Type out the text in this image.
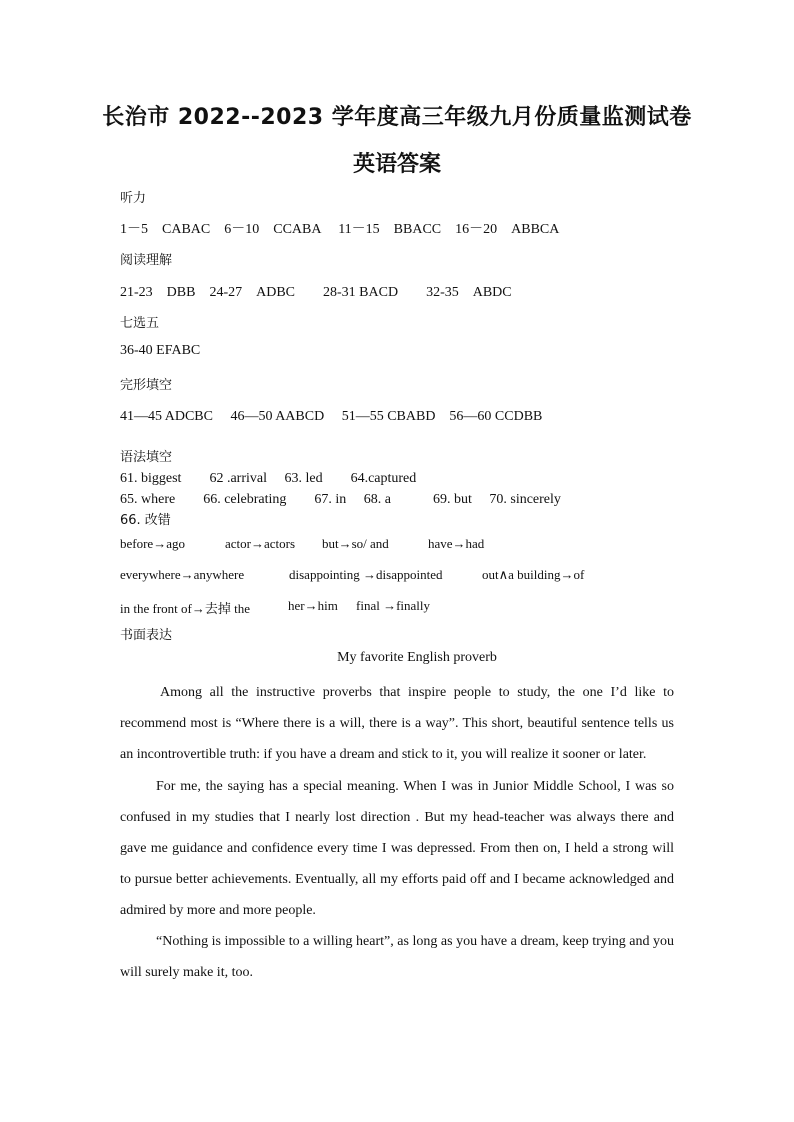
长治市 2022--2023 学年度高三年级九月份质量监测试卷
英语答案
听力
1－5　CABAC　6－10　CCABA　 11－15　BBACC　16－20　ABBCA
阅读理解
21-23　DBB　24-27　ADBC　　28-31 BACD　　32-35　ABDC
七选五
36-40 EFABC
完形填空
41—45 ADCBC　 46—50 AABCD　 51—55 CBABD　56—60 CCDBB
语法填空
61. biggest　　62 .arrival　 63. led　　64.captured
65. where　　66. celebrating　　67. in　 68. a　　　69. but　 70. sincerely
66. 改错
before→ago	actor→actors but→so/ and	have→had
everywhere→anywhere	disappointing →disappointed	out∧a building→of
in the front of→去掉 the	her→him final →finally
书面表达
My favorite English proverb
Among all the instructive proverbs that inspire people to study, the one I’d like to recommend most is “Where there is a will, there is a way”. This short, beautiful sentence tells us an incontrovertible truth: if you have a dream and stick to it, you will realize it sooner or later.
For me, the saying has a special meaning. When I was in Junior Middle School, I was so confused in my studies that I nearly lost direction . But my head-teacher was always there and gave me guidance and confidence every time I was depressed. From then on, I held a strong will to pursue better achievements. Eventually, all my efforts paid off and I became acknowledged and admired by more and more people.
“Nothing is impossible to a willing heart”, as long as you have a dream, keep trying and you will surely make it, too.
